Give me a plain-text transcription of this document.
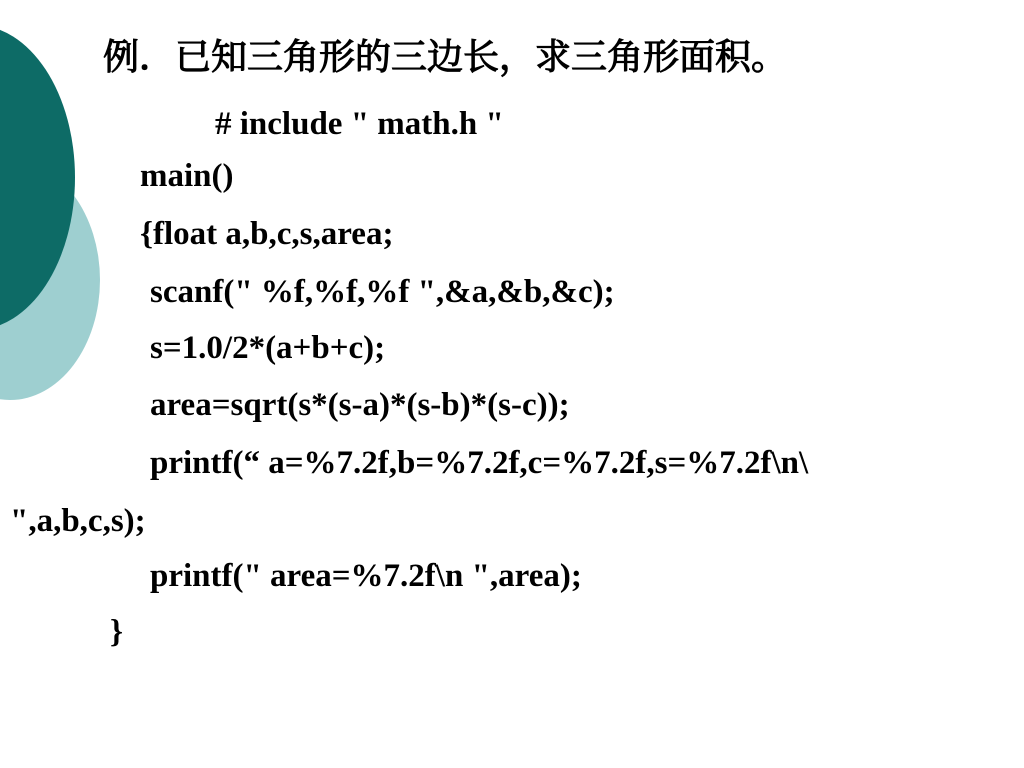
例．已知三角形的三边长，求三角形面积。
# include " math.h "
main()
{float a,b,c,s,area;
scanf(" %f,%f,%f ",&a,&b,&c);
s=1.0/2*(a+b+c);
area=sqrt(s*(s-a)*(s-b)*(s-c));
printf(“ a=%7.2f,b=%7.2f,c=%7.2f,s=%7.2f\n\
",a,b,c,s);
printf(" area=%7.2f\n ",area);
}
